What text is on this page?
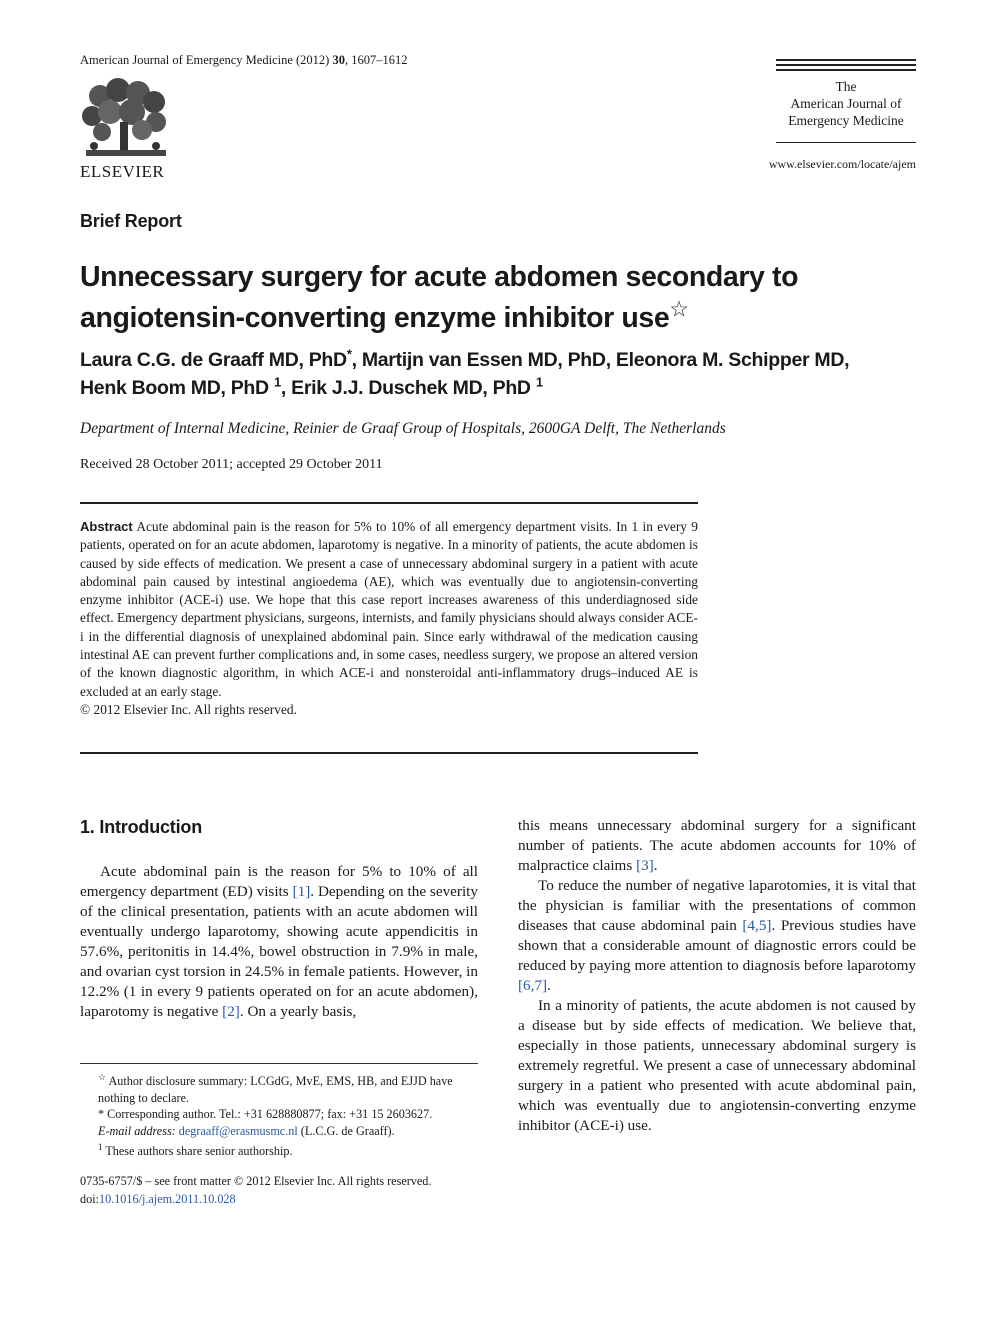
American Journal of Emergency Medicine (2012) 30, 1607–1612
ELSEVIER
The
American Journal of
Emergency Medicine
www.elsevier.com/locate/ajem
Brief Report
Unnecessary surgery for acute abdomen secondary to
angiotensin-converting enzyme inhibitor use☆
Laura C.G. de Graaff MD, PhD*, Martijn van Essen MD, PhD, Eleonora M. Schipper MD,
Henk Boom MD, PhD $^1$, Erik J.J. Duschek MD, PhD $^1$
Department of Internal Medicine, Reinier de Graaf Group of Hospitals, 2600GA Delft, The Netherlands
Received 28 October 2011; accepted 29 October 2011
Abstract Acute abdominal pain is the reason for 5% to 10% of all emergency department visits. In 1 in every 9 patients, operated on for an acute abdomen, laparotomy is negative. In a minority of patients, the acute abdomen is caused by side effects of medication. We present a case of unnecessary abdominal surgery in a patient with acute abdominal pain caused by intestinal angioedema (AE), which was eventually due to angiotensin-converting enzyme inhibitor (ACE-i) use. We hope that this case report increases awareness of this underdiagnosed side effect. Emergency department physicians, surgeons, internists, and family physicians should always consider ACE-i in the differential diagnosis of unexplained abdominal pain. Since early withdrawal of the medication causing intestinal AE can prevent further complications and, in some cases, needless surgery, we propose an altered version of the known diagnostic algorithm, in which ACE-i and nonsteroidal anti-inflammatory drugs–induced AE is excluded at an early stage.
© 2012 Elsevier Inc. All rights reserved.
1. Introduction

Acute abdominal pain is the reason for 5% to 10% of all emergency department (ED) visits [1]. Depending on the severity of the clinical presentation, patients with an acute abdomen will eventually undergo laparotomy, showing acute appendicitis in 57.6%, peritonitis in 14.4%, bowel obstruction in 7.9% in male, and ovarian cyst torsion in 24.5% in female patients. However, in 12.2% (1 in every 9 patients operated on for an acute abdomen), laparotomy is negative [2]. On a yearly basis,

this means unnecessary abdominal surgery for a significant number of patients. The acute abdomen accounts for 10% of malpractice claims [3].

To reduce the number of negative laparotomies, it is vital that the physician is familiar with the presentations of common diseases that cause abdominal pain [4,5]. Previous studies have shown that a considerable amount of diagnostic errors could be reduced by paying more attention to diagnosis before laparotomy [6,7].

In a minority of patients, the acute abdomen is not caused by a disease but by side effects of medication. We believe that, especially in those patients, unnecessary abdominal surgery is extremely regretful. We present a case of unnecessary abdominal surgery in a patient who presented with acute abdominal pain, which was eventually due to angiotensin-converting enzyme inhibitor (ACE-i) use.

☆ Author disclosure summary: LCGdG, MvE, EMS, HB, and EJJD have nothing to declare.

* Corresponding author. Tel.: +31 628880877; fax: +31 15 2603627.

E-mail address: degraaff@erasmusmc.nl (L.C.G. de Graaff).

$^1$ These authors share senior authorship.

0735-6757/$ – see front matter © 2012 Elsevier Inc. All rights reserved.

doi:10.1016/j.ajem.2011.10.028
